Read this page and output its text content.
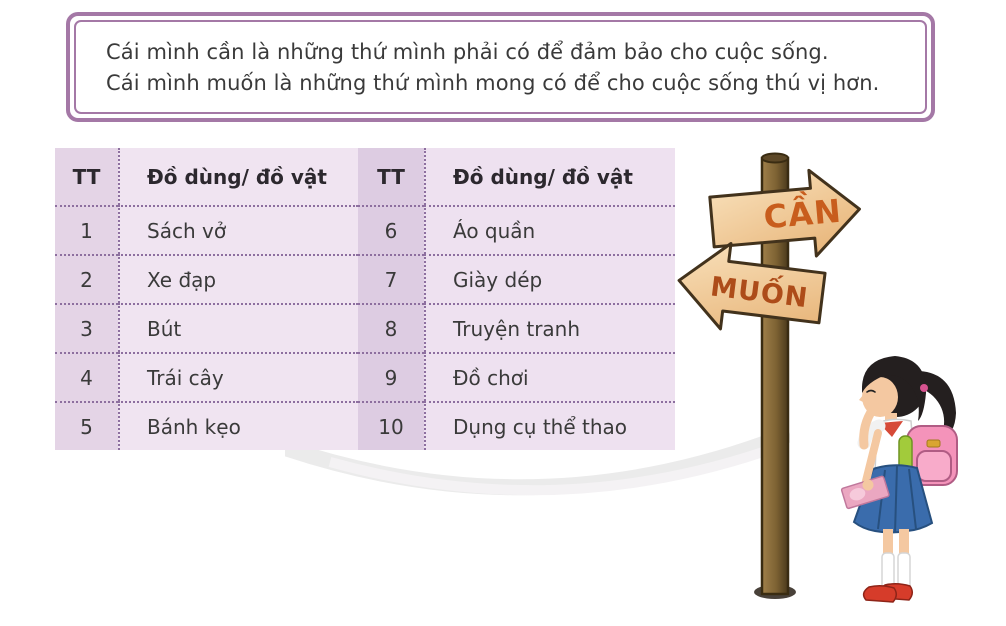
Cái mình cần là những thứ mình phải có để đảm bảo cho cuộc sống.
Cái mình muốn là những thứ mình mong có để cho cuộc sống thú vị hơn.
TT	Đồ dùng/ đồ vật	TT	Đồ dùng/ đồ vật
1	Sách vở	6	Áo quần
2	Xe đạp	7	Giày dép
3	Bút	8	Truyện tranh
4	Trái cây	9	Đồ chơi
5	Bánh kẹo	10	Dụng cụ thể thao
CẦN
MUỐN
